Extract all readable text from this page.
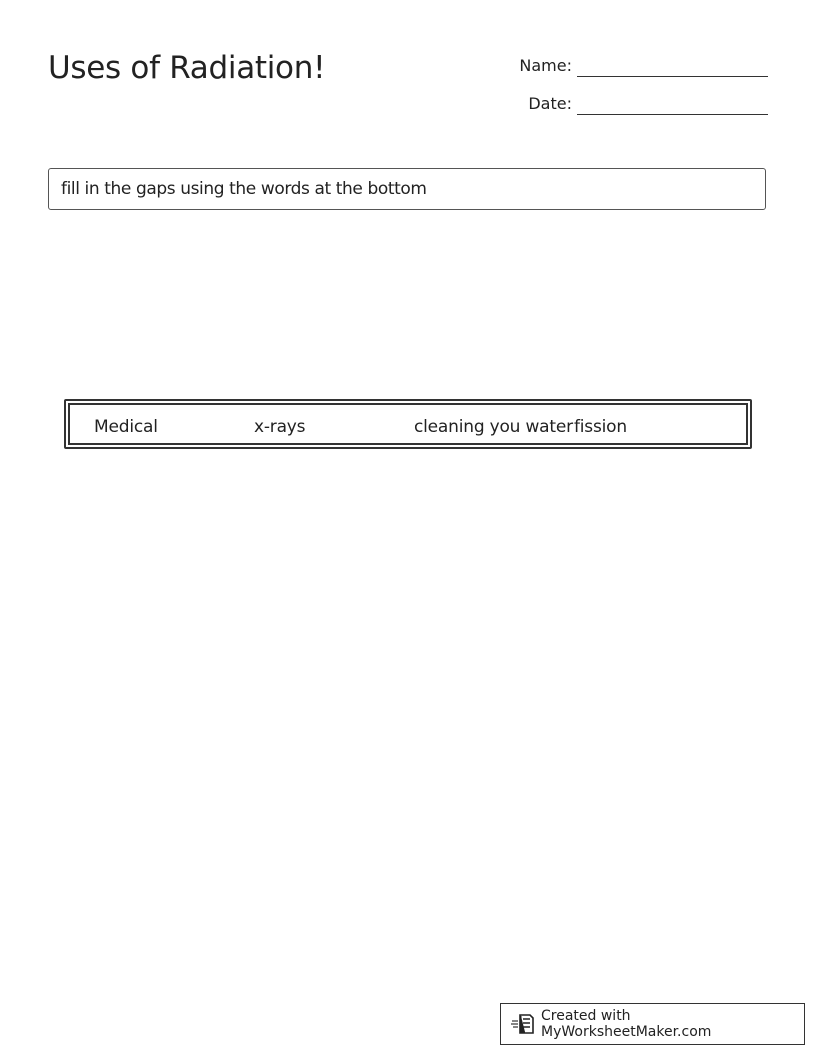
Uses of Radiation!	Name:
Date:
fill in the gaps using the words at the bottom
Medical	x-rays	cleaning you water fission
Created with MyWorksheetMaker.com
